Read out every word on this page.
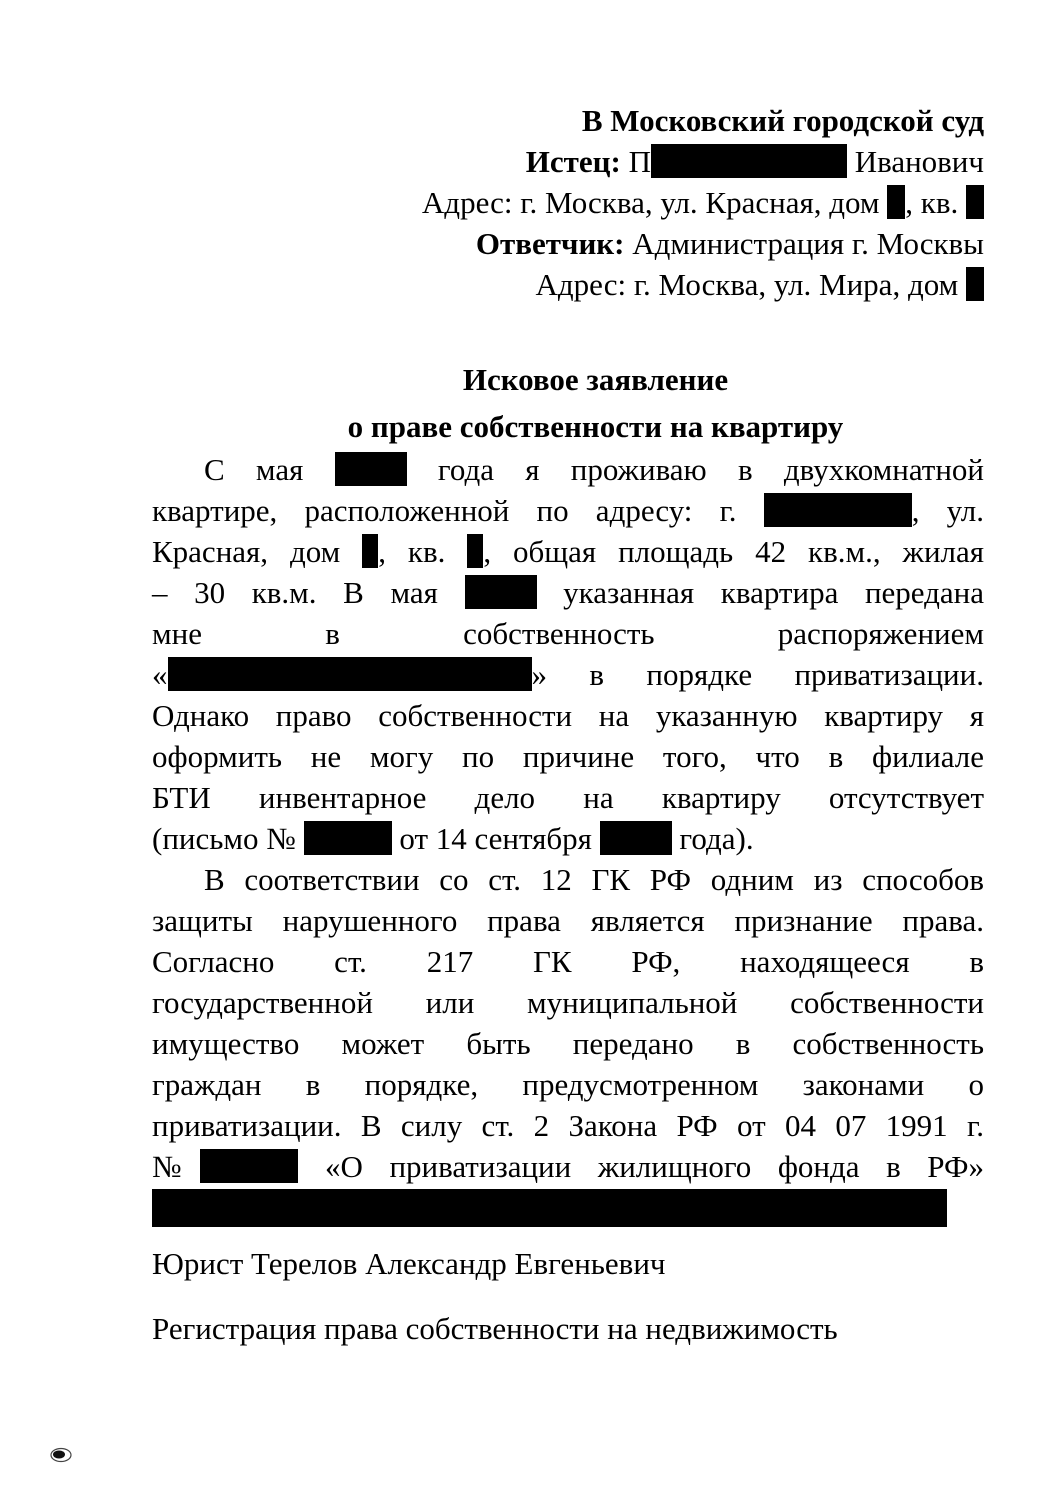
В Московский городской суд
Истец: П	Иванович
Адрес: г. Москва, ул. Красная, дом , кв.
Ответчик: Администрация г. Москвы
Адрес: г. Москва, ул. Мира, дом
Исковое заявление
о праве собственности на квартиру
С мая	года я проживаю в двухкомнатной
квартире, расположенной по адресу: г.	, ул.
Красная, дом , кв. , общая площадь 42 кв.м., жилая
– 30 кв.м. В мая	указанная квартира передана
мне в собственность распоряжением
«	» в порядке приватизации.
Однако право собственности на указанную квартиру я
оформить не могу по причине того, что в филиале
БТИ инвентарное дело на квартиру отсутствует
(письмо №	от 14 сентября	года).
В соответствии со ст. 12 ГК РФ одним из способов
защиты нарушенного права является признание права.
Согласно ст. 217 ГК РФ, находящееся в
государственной или муниципальной собственности
имущество может быть передано в собственность
граждан в порядке, предусмотренном законами о
приватизации. В силу ст. 2 Закона РФ от 04 07 1991 г.
№	«О приватизации жилищного фонда в РФ»
Юрист Терелов Александр Евгеньевич
Регистрация права собственности на недвижимость
